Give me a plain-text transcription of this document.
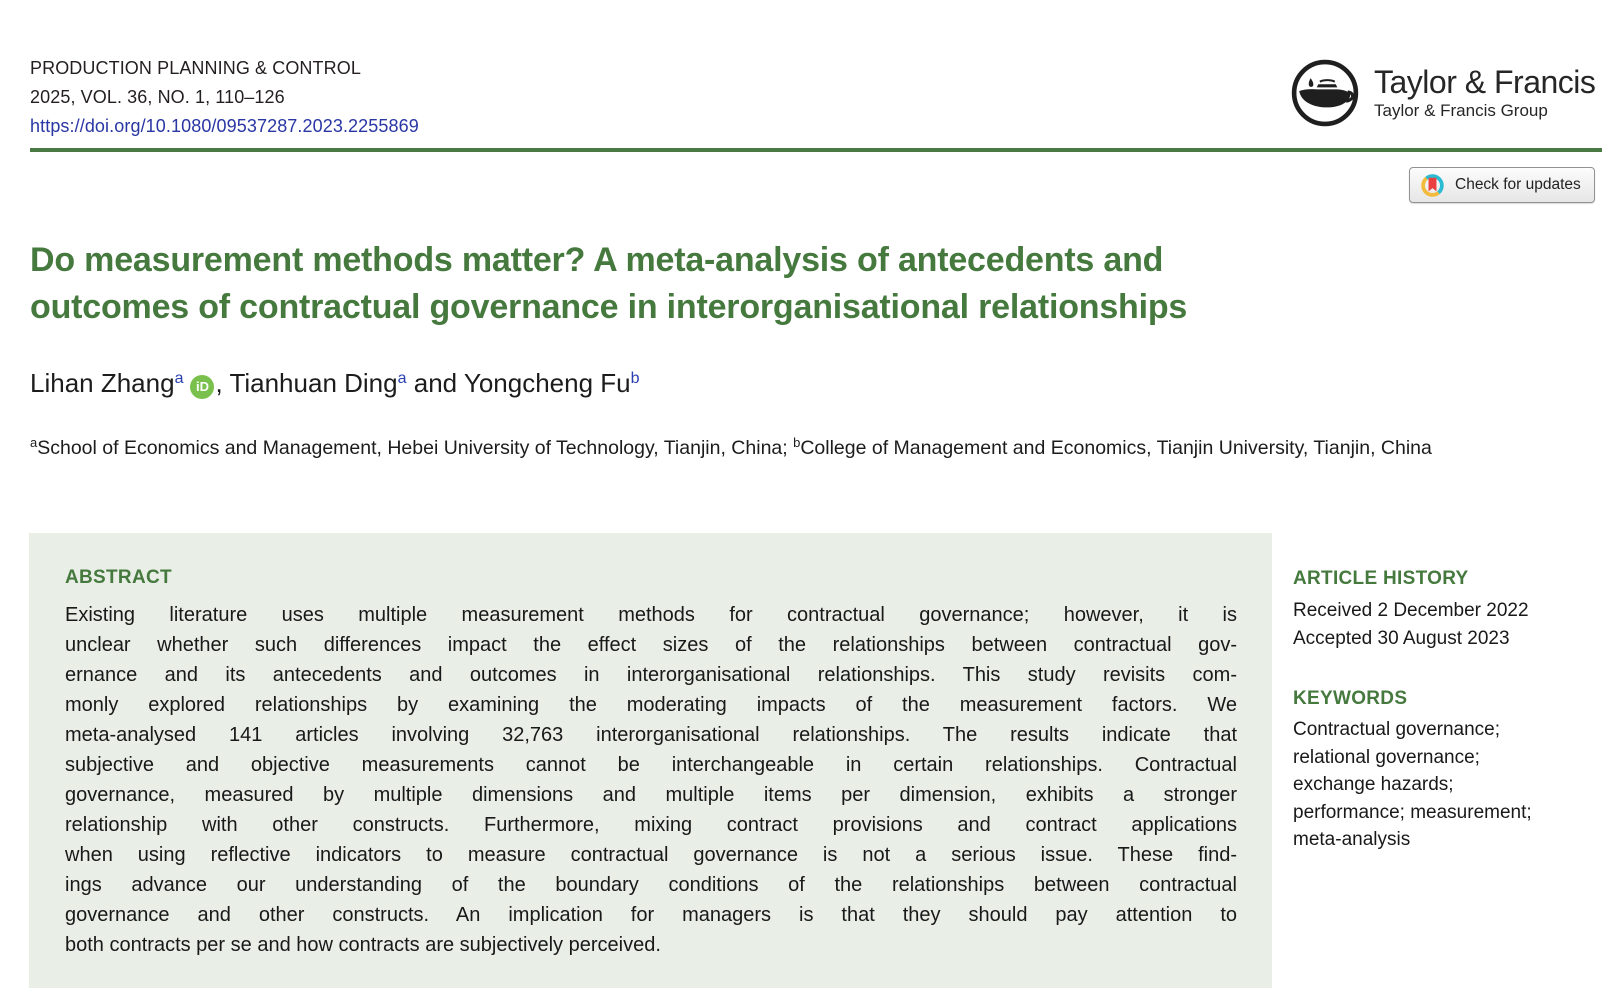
PRODUCTION PLANNING & CONTROL
2025, VOL. 36, NO. 1, 110–126
https://doi.org/10.1080/09537287.2023.2255869
Taylor & Francis
Taylor & Francis Group
Check for updates
Do measurement methods matter? A meta-analysis of antecedents and
outcomes of contractual governance in interorganisational relationships

Lihan Zhang$^a$ iD , Tianhuan Ding$^a$ and Yongcheng Fu$^b$

$^a$School of Economics and Management, Hebei University of Technology, Tianjin, China; $^b$College of Management and Economics, Tianjin University, Tianjin, China

ABSTRACT
Existing literature uses multiple measurement methods for contractual governance; however, it is
unclear whether such differences impact the effect sizes of the relationships between contractual gov-
ernance and its antecedents and outcomes in interorganisational relationships. This study revisits com-
monly explored relationships by examining the moderating impacts of the measurement factors. We
meta-analysed 141 articles involving 32,763 interorganisational relationships. The results indicate that
subjective and objective measurements cannot be interchangeable in certain relationships. Contractual
governance, measured by multiple dimensions and multiple items per dimension, exhibits a stronger
relationship with other constructs. Furthermore, mixing contract provisions and contract applications
when using reflective indicators to measure contractual governance is not a serious issue. These find-
ings advance our understanding of the boundary conditions of the relationships between contractual
governance and other constructs. An implication for managers is that they should pay attention to
both contracts per se and how contracts are subjectively perceived.
ARTICLE HISTORY
Received 2 December 2022
Accepted 30 August 2023
KEYWORDS
Contractual governance;
relational governance;
exchange hazards;
performance; measurement;
meta-analysis
